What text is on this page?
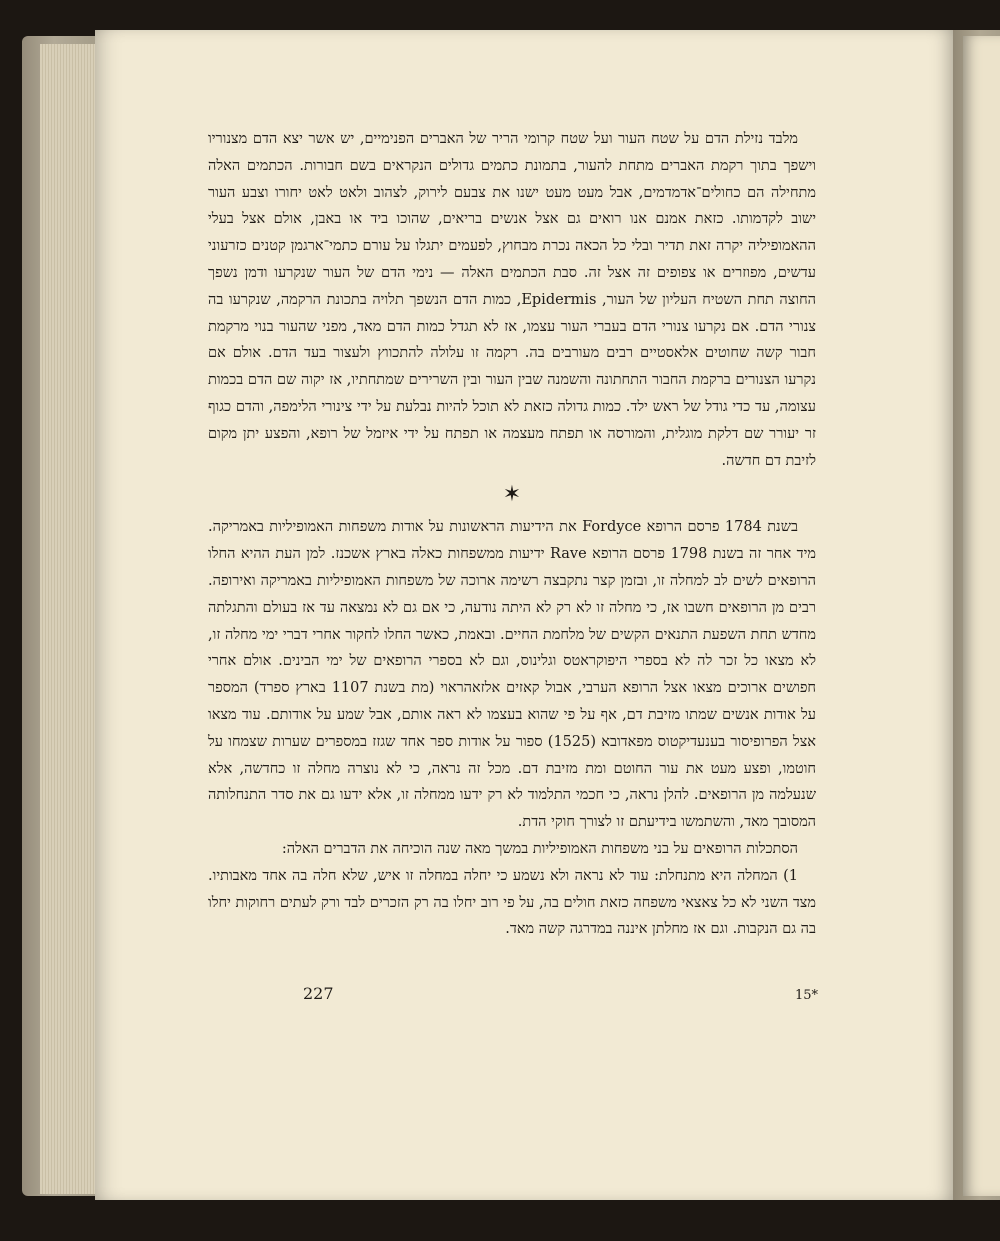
מלבד נזילת הדם על שטח העור ועל שטח קרומי הריר של האברים הפנימיים, יש אשר יצא הדם מצנוריו וישפך בתוך רקמת האברים מתחת להעור, בתמונת כתמים גדולים הנקראים בשם חבורות. הכתמים האלה מתחילה הם כחולים־אדמדמים, אבל מעט מעט ישנו את צבעם לירוק, לצהוב ולאט לאט יחורו וצבע העור ישוב לקדמותו. כזאת אמנם אנו רואים גם אצל אנשים בריאים, שהוכו ביד או באבן, אולם אצל בעלי ההאמופיליה יקרה זאת תדיר ובלי כל הכאה נכרת מבחוץ, לפעמים יתגלו על עורם כתמי־ארגמן קטנים כזרעוני עדשים, מפוזרים או צפופים זה אצל זה. סבת הכתמים האלה — נימי הדם של העור שנקרעו ודמן נשפך החוצה תחת השטיח העליון של העור, Epidermis, כמות הדם הנשפך תלויה בתכונת הרקמה, שנקרעו בה צנורי הדם. אם נקרעו צנורי הדם בעברי העור עצמו, אז לא תגדל כמות הדם מאד, מפני שהעור בנוי מרקמת חבור קשה שחוטים אלאסטיים רבים מעורבים בה. רקמה זו עלולה להתכווץ ולעצור בעד הדם. אולם אם נקרעו הצנורים ברקמת החבור התחתונה והשמנה שבין העור ובין השרירים שמתחתיו, אז יקוה שם הדם בכמות עצומה, עד כדי גודל של ראש ילד. כמות גדולה כזאת לא תוכל להיות נבלעת על ידי צינורי הלימפה, והדם כגוף זר יעורר שם דלקת מוגלית, והמורסה או תפתח מעצמה או תפתח על ידי איזמל של רופא, והפצע יתן מקום לזיבת דם חדשה.

✶

בשנת 1784 פרסם הרופא Fordyce את הידיעות הראשונות על אודות משפחות האמופיליות באמריקה. מיד אחר זה בשנת 1798 פרסם הרופא Rave ידיעות ממשפחות כאלה בארץ אשכנז. למן העת ההיא החלו הרופאים לשים לב למחלה זו, ובזמן קצר נתקבצה רשימה ארוכה של משפחות האמופיליות באמריקה ואירופה. רבים מן הרופאים חשבו אז, כי מחלה זו לא רק לא היתה נודעה, כי אם גם לא נמצאה עד אז בעולם והתגלתה מחדש תחת השפעת התנאים הקשים של מלחמת החיים. ובאמת, כאשר החלו לחקור אחרי דברי ימי מחלה זו, לא מצאו כל זכר לה לא בספרי היפוקראטס וגלינוס, וגם לא בספרי הרופאים של ימי הבינים. אולם אחרי חפושים ארוכים מצאו אצל הרופא הערבי, אבול קאזים אלזאהראוי (מת בשנת 1107 בארץ ספרד) המספר על אודות אנשים שמתו מזיבת דם, אף על פי שהוא בעצמו לא ראה אותם, אבל שמע על אודותם. עוד מצאו אצל הפרופיסור בענעדיקטוס מפאדובא (1525) ספור על אודות ספר אחד שגזז במספרים שערות שצמחו על חוטמו, ופצע מעט את עור החוטם ומת מזיבת דם. מכל זה נראה, כי לא נוצרה מחלה זו כחדשה, אלא שנעלמה מן הרופאים. להלן נראה, כי חכמי התלמוד לא רק ידעו ממחלה זו, אלא ידעו גם את סדר התנחלותה המסובך מאד, והשתמשו בידיעתם זו לצורך חוקי הדת.

הסתכלות הרופאים על בני משפחות האמופיליות במשך מאה שנה הוכיחה את הדברים האלה:

1) המחלה היא מתנחלת: עוד לא נראה ולא נשמע כי יחלה במחלה זו איש, שלא חלה בה אחד מאבותיו. מצד השני לא כל צאצאי משפחה כזאת חולים בה, על פי רוב יחלו בה רק הזכרים לבד ורק לעתים רחוקות יחלו בה גם הנקבות. וגם אז מחלתן איננה במדרגה קשה מאד.

227	15*
